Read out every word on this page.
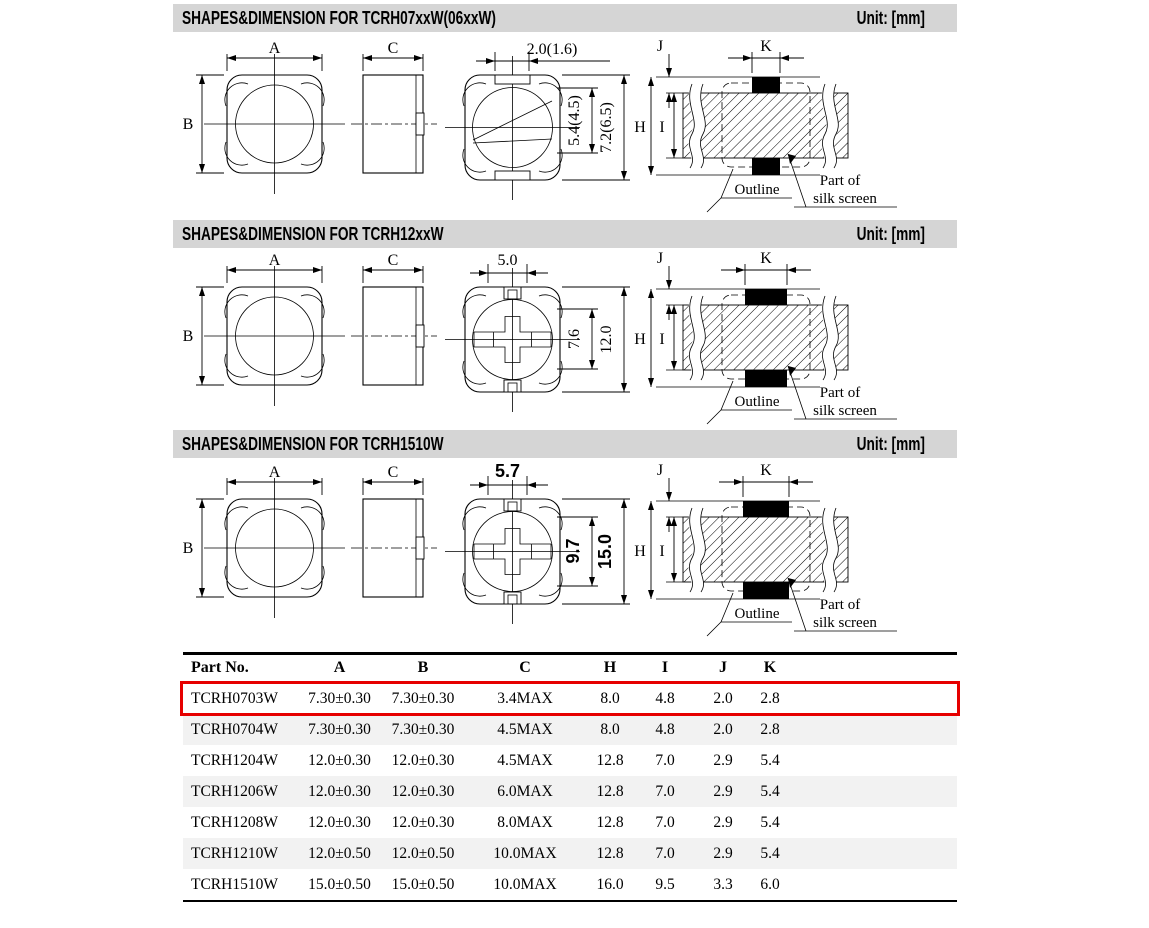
SHAPES&DIMENSION FOR TCRH07xxW(06xxW)	Unit: [mm]
A
B
C	2.0(1.6)
5.4(4.5) 7.2(6.5) H I
J	K
Outline
Part of
silk screen
SHAPES&DIMENSION FOR TCRH12xxW	Unit: [mm]
A
B
C	5.0
7.6 12.0 H I
J	K
Outline
Part of
silk screen
SHAPES&DIMENSION FOR TCRH1510W	Unit: [mm]
A
B
C	5.7
9.7 15.0 H I
J	K
Outline
Part of
silk screen
Part No.	A	B	C	H	I	J	K	
TCRH0703W	7.30±0.30	7.30±0.30	3.4MAX	8.0	4.8	2.0	2.8	
TCRH0704W	7.30±0.30	7.30±0.30	4.5MAX	8.0	4.8	2.0	2.8	
TCRH1204W	12.0±0.30	12.0±0.30	4.5MAX	12.8	7.0	2.9	5.4	
TCRH1206W	12.0±0.30	12.0±0.30	6.0MAX	12.8	7.0	2.9	5.4	
TCRH1208W	12.0±0.30	12.0±0.30	8.0MAX	12.8	7.0	2.9	5.4	
TCRH1210W	12.0±0.50	12.0±0.50	10.0MAX	12.8	7.0	2.9	5.4	
TCRH1510W	15.0±0.50	15.0±0.50	10.0MAX	16.0	9.5	3.3	6.0	
